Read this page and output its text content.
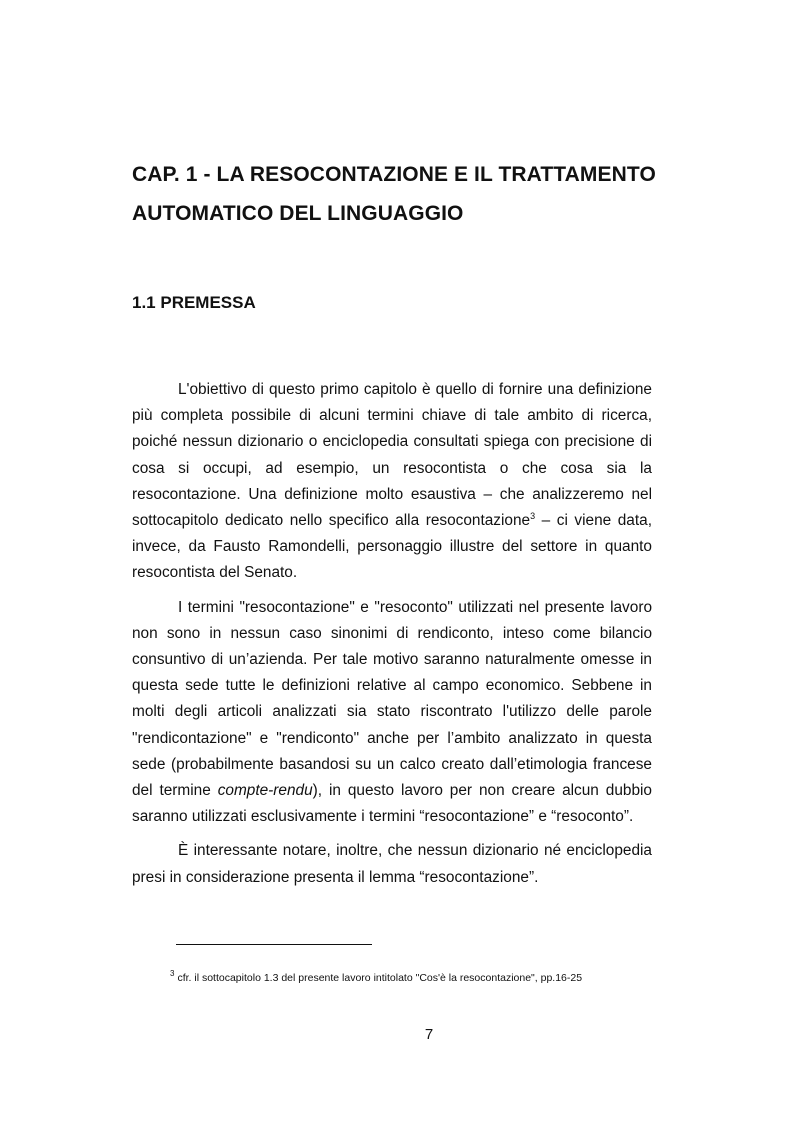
CAP. 1 - LA RESOCONTAZIONE E IL TRATTAMENTO AUTOMATICO DEL LINGUAGGIO
1.1 PREMESSA

L'obiettivo di questo primo capitolo è quello di fornire una definizione più completa possibile di alcuni termini chiave di tale ambito di ricerca, poiché nessun dizionario o enciclopedia consultati spiega con precisione di cosa si occupi, ad esempio, un resocontista o che cosa sia la resocontazione. Una definizione molto esaustiva – che analizzeremo nel sottocapitolo dedicato nello specifico alla resocontazione$^3$ – ci viene data, invece, da Fausto Ramondelli, personaggio illustre del settore in quanto resocontista del Senato.

I termini "resocontazione" e "resoconto" utilizzati nel presente lavoro non sono in nessun caso sinonimi di rendiconto, inteso come bilancio consuntivo di un’azienda. Per tale motivo saranno naturalmente omesse in questa sede tutte le definizioni relative al campo economico. Sebbene in molti degli articoli analizzati sia stato riscontrato l'utilizzo delle parole "rendicontazione" e "rendiconto" anche per l’ambito analizzato in questa sede (probabilmente basandosi su un calco creato dall’etimologia francese del termine compte-rendu), in questo lavoro per non creare alcun dubbio saranno utilizzati esclusivamente i termini “resocontazione” e “resoconto”.

È interessante notare, inoltre, che nessun dizionario né enciclopedia presi in considerazione presenta il lemma “resocontazione”.

$^3$ cfr. il sottocapitolo 1.3 del presente lavoro intitolato "Cos'è la resocontazione", pp.16-25
7
